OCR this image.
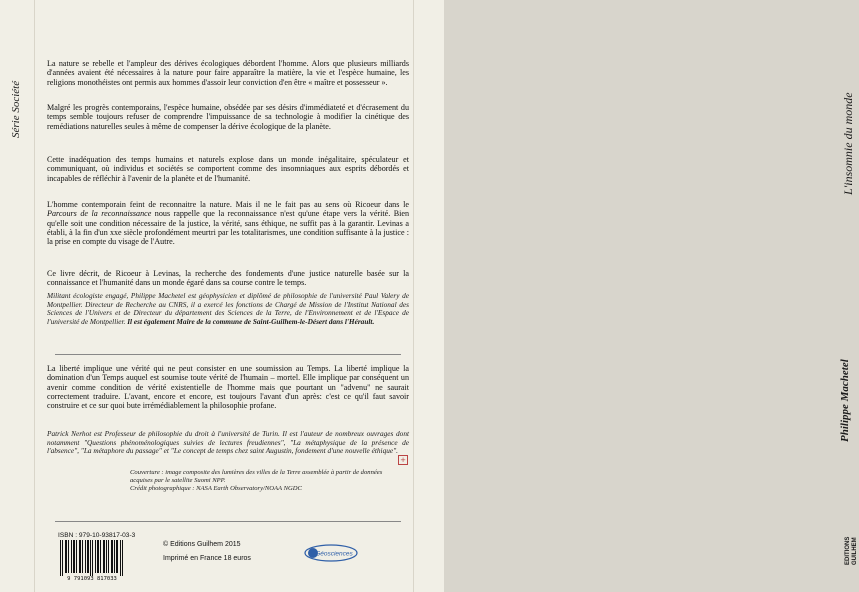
Série Société	L'insomnie du monde
Philippe Machetel
EDITIONS GUILHEM

La nature se rebelle et l'ampleur des dérives écologiques débordent l'homme. Alors que plusieurs milliards d'années avaient été nécessaires à la nature pour faire apparaître la matière, la vie et l'espèce humaine, les religions monothéistes ont permis aux hommes d'assoir leur conviction d'en être « maître et possesseur ».

Malgré les progrès contemporains, l'espèce humaine, obsédée par ses désirs d'immédiateté et d'écrasement du temps semble toujours refuser de comprendre l'impuissance de sa technologie à modifier la cinétique des remédiations naturelles seules à même de compenser la dérive écologique de la planète.

Cette inadéquation des temps humains et naturels explose dans un monde inégalitaire, spéculateur et communiquant, où individus et sociétés se comportent comme des insomniaques aux esprits débordés et incapables de réfléchir à l'avenir de la planète et de l'humanité.

L'homme contemporain feint de reconnaitre la nature. Mais il ne le fait pas au sens où Ricoeur dans le Parcours de la reconnaissance nous rappelle que la reconnaissance n'est qu'une étape vers la vérité. Bien qu'elle soit une condition nécessaire de la justice, la vérité, sans éthique, ne suffit pas à la garantir. Levinas a établi, à la fin d'un xxe siècle profondément meurtri par les totalitarismes, une condition suffisante à la justice : la prise en compte du visage de l'Autre.

Ce livre décrit, de Ricoeur à Levinas, la recherche des fondements d'une justice naturelle basée sur la connaissance et l'humanité dans un monde égaré dans sa course contre le temps.

Militant écologiste engagé, Philippe Machetel est géophysicien et diplômé de philosophie de l'université Paul Valery de Montpellier. Directeur de Recherche au CNRS, il a exercé les fonctions de Chargé de Mission de l'Institut National des Sciences de l'Univers et de Directeur du département des Sciences de la Terre, de l'Environnement et de l'Espace de l'université de Montpellier. Il est également Maire de la commune de Saint-Guilhem-le-Désert dans l'Hérault.

La liberté implique une vérité qui ne peut consister en une soumission au Temps. La liberté implique la domination d'un Temps auquel est soumise toute vérité de l'humain – mortel. Elle implique par conséquent un avenir comme condition de vérité existentielle de l'homme mais que pourtant un "advenu" ne saurait correctement traduire. L'avant, encore et encore, est toujours l'avant d'un après: c'est ce qu'il faut savoir construire et ce sur quoi bute irrémédiablement la philosophie profane.

Patrick Nerhot est Professeur de philosophie du droit à l'université de Turin. Il est l'auteur de nombreux ouvrages dont notamment "Questions phénoménologiques suivies de lectures freudiennes", "La métaphysique de la présence de l'absence", "La métaphore du passage" et "Le concept de temps chez saint Augustin, fondement d'une nouvelle éthique".
+
Couverture : image composite des lumières des villes de la Terre assemblée à partir de données acquises par le satellite Suomi NPP.
Crédit photographique : NASA Earth Observatory/NOAA NGDC
ISBN : 979-10-93817-03-3
9 791093 817033
© Editions Guilhem 2015
Imprimé en France 18 euros
Géosciences
